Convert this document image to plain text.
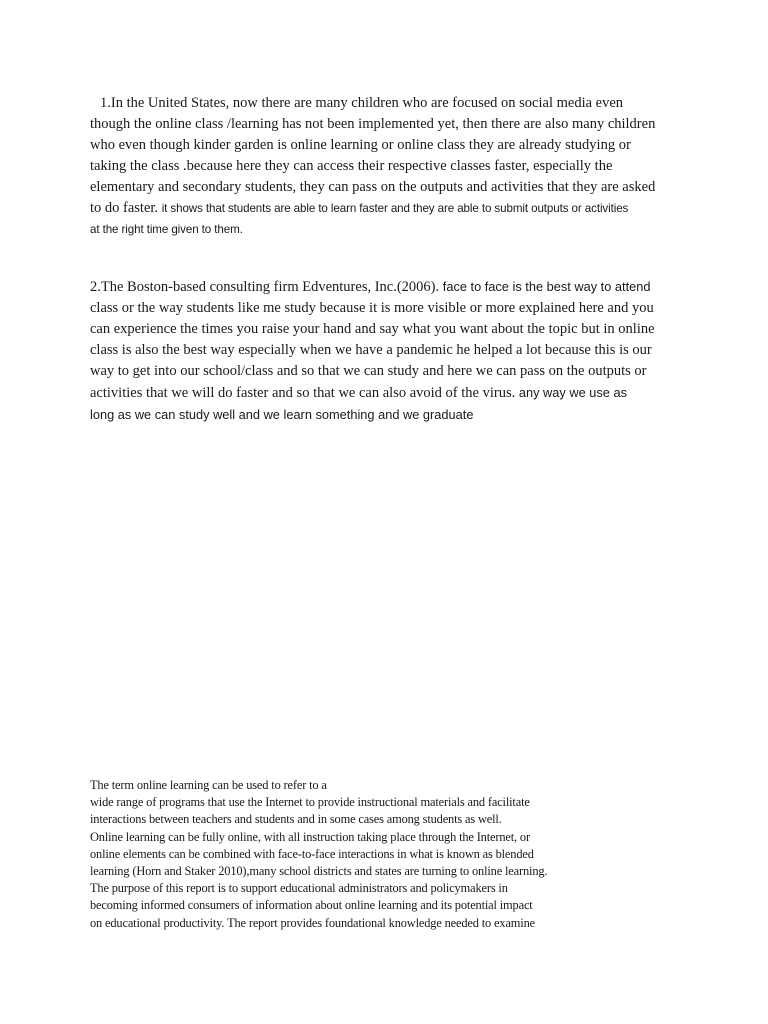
1.In the United States, now there are many children who are focused on social media even
though the online class /learning has not been implemented yet, then there are also many children
who even though kinder garden is online learning or online class they are already studying or
taking the class .because here they can access their respective classes faster, especially the
elementary and secondary students, they can pass on the outputs and activities that they are asked
to do faster. it shows that students are able to learn faster and they are able to submit outputs or activities
at the right time given to them.
2.The Boston-based consulting firm Edventures, Inc.(2006). face to face is the best way to attend
class or the way students like me study because it is more visible or more explained here and you
can experience the times you raise your hand and say what you want about the topic but in online
class is also the best way especially when we have a pandemic he helped a lot because this is our
way to get into our school/class and so that we can study and here we can pass on the outputs or
activities that we will do faster and so that we can also avoid of the virus. any way we use as
long as we can study well and we learn something and we graduate
The term online learning can be used to refer to a
wide range of programs that use the Internet to provide instructional materials and facilitate
interactions between teachers and students and in some cases among students as well.
Online learning can be fully online, with all instruction taking place through the Internet, or
online elements can be combined with face-to-face interactions in what is known as blended
learning (Horn and Staker 2010),many school districts and states are turning to online learning.
The purpose of this report is to support educational administrators and policymakers in
becoming informed consumers of information about online learning and its potential impact
on educational productivity. The report provides foundational knowledge needed to examine
